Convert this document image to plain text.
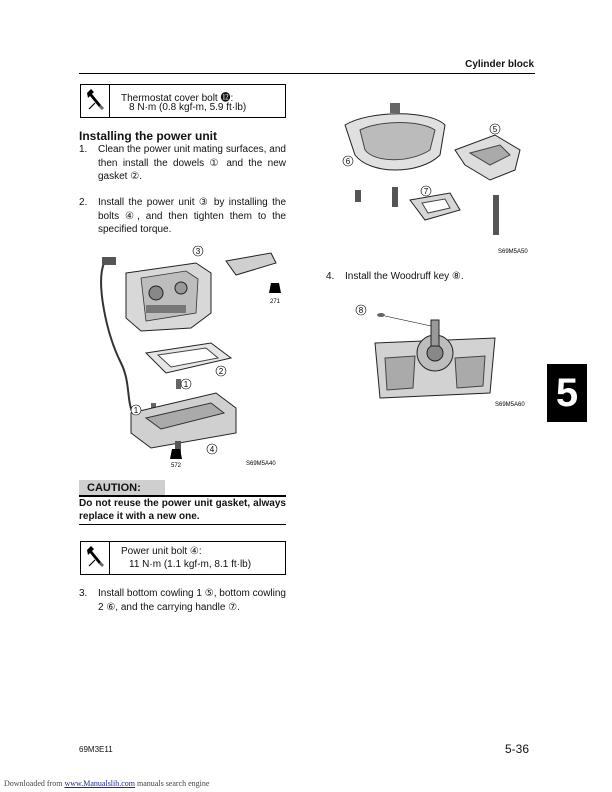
Cylinder block
Thermostat cover bolt ⓬:
8 N·m (0.8 kgf-m, 5.9 ft·lb)
Installing the power unit
1. Clean the power unit mating surfaces, and then install the dowels ① and the new gasket ②.
2. Install the power unit ③ by installing the bolts ④, and then tighten them to the specified torque.
3
2
1
1
4
271
572	S69M5A40
CAUTION:
Do not reuse the power unit gasket, always replace it with a new one.
Power unit bolt ④:
11 N·m (1.1 kgf-m, 8.1 ft·lb)
3. Install bottom cowling 1 ⑤, bottom cowling 2 ⑥, and the carrying handle ⑦.
5
6
7
S69M5A50
4. Install the Woodruff key ⑧.
8
S69M5A60 5
69M3E11	5-36
Downloaded from www.Manualslib.com manuals search engine
